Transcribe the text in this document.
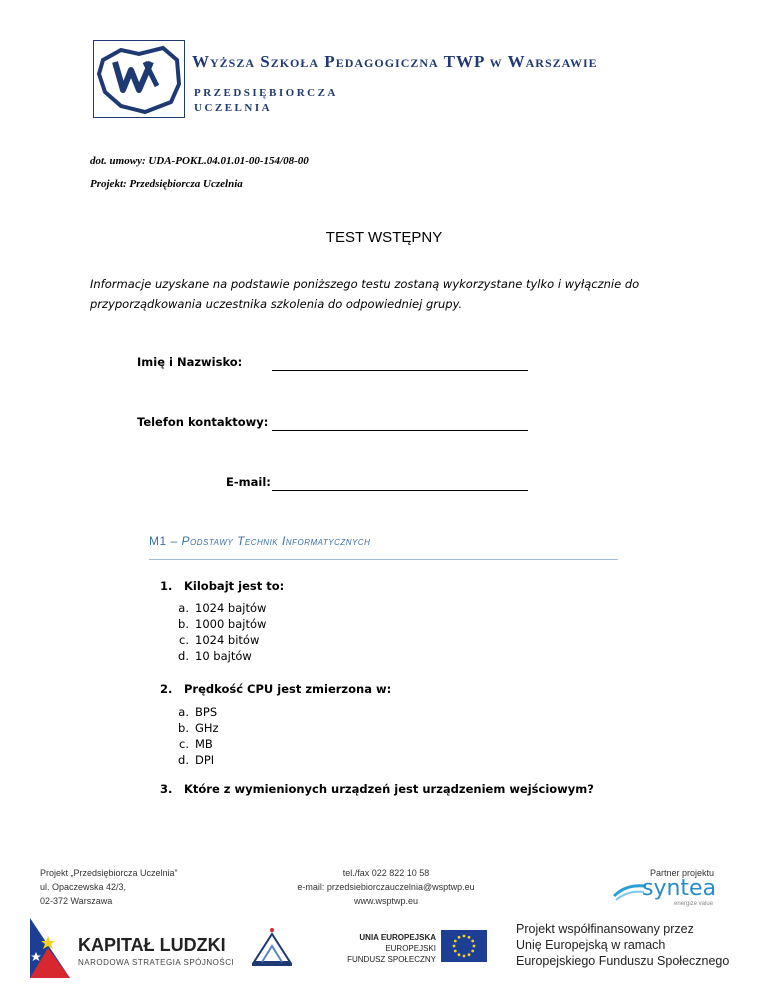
Wyższa Szkoła Pedagogiczna TWP w Warszawie
PRZEDSIĘBIORCZA
UCZELNIA
dot. umowy: UDA-POKL.04.01.01-00-154/08-00
Projekt: Przedsiębiorcza Uczelnia
TEST WSTĘPNY
Informacje uzyskane na podstawie poniższego testu zostaną wykorzystane tylko i wyłącznie do
przyporządkowania uczestnika szkolenia do odpowiedniej grupy.
Imię i Nazwisko:
Telefon kontaktowy:
E-mail:
M1 – Podstawy Technik Informatycznych
1. Kilobajt jest to:
a. 1024 bajtów
b. 1000 bajtów
c. 1024 bitów
d. 10 bajtów
2. Prędkość CPU jest zmierzona w:
a. BPS
b. GHz
c. MB
d. DPI
3. Które z wymienionych urządzeń jest urządzeniem wejściowym?
Projekt „Przedsiębiorcza Uczelnia”
ul. Opaczewska 42/3,
02-372 Warszawa
tel./fax 022 822 10 58
e-mail: przedsiebiorczauczelnia@wsptwp.eu
www.wsptwp.eu
Partner projektu
syntea
energize value
KAPITAŁ LUDZKI
NARODOWA STRATEGIA SPÓJNOŚCI
UNIA EUROPEJSKA
EUROPEJSKI
FUNDUSZ SPOŁECZNY
Projekt współfinansowany przez
Unię Europejską w ramach
Europejskiego Funduszu Społecznego
